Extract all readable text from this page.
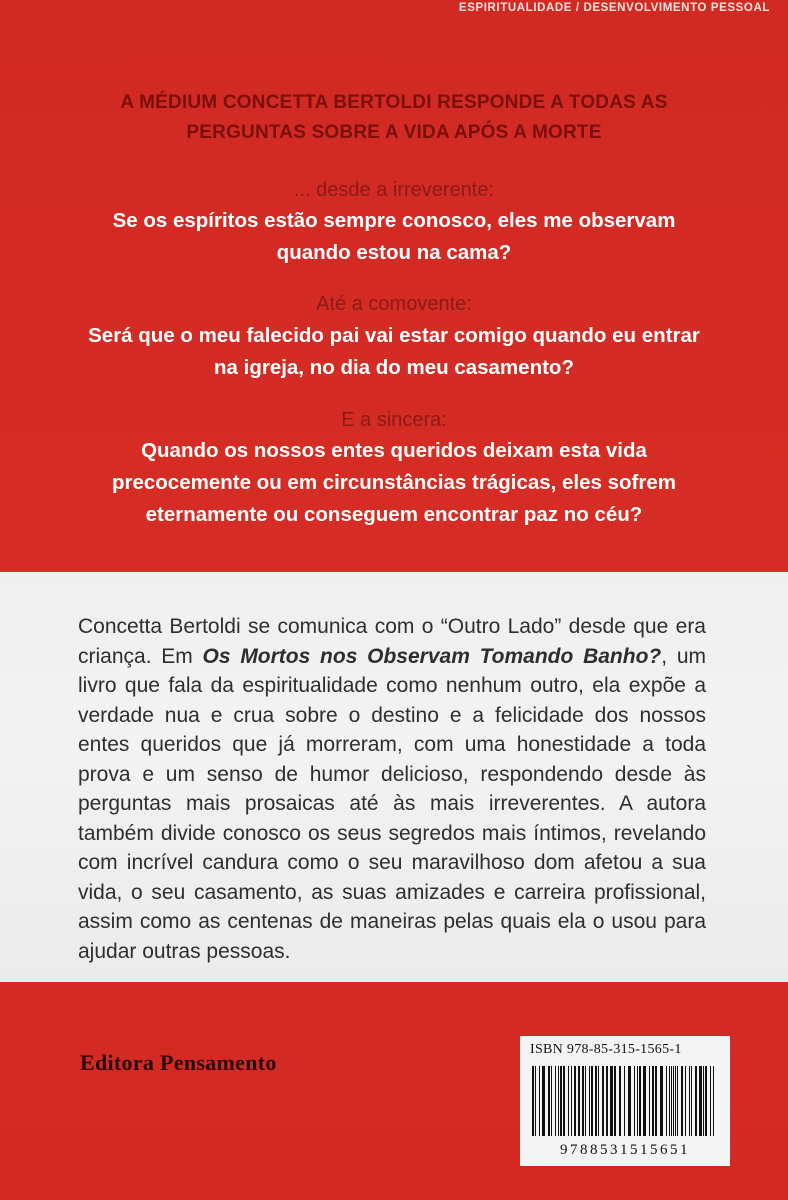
ESPIRITUALIDADE / DESENVOLVIMENTO PESSOAL
A MÉDIUM CONCETTA BERTOLDI RESPONDE A TODAS AS
PERGUNTAS SOBRE A VIDA APÓS A MORTE
... desde a irreverente:
Se os espíritos estão sempre conosco, eles me observam
quando estou na cama?
Até a comovente:
Será que o meu falecido pai vai estar comigo quando eu entrar
na igreja, no dia do meu casamento?
E a sincera:
Quando os nossos entes queridos deixam esta vida
precocemente ou em circunstâncias trágicas, eles sofrem
eternamente ou conseguem encontrar paz no céu?

Concetta Bertoldi se comunica com o “Outro Lado” desde que era criança. Em Os Mortos nos Observam Tomando Banho?, um livro que fala da espiritualidade como nenhum outro, ela expõe a verdade nua e crua sobre o destino e a felicidade dos nossos entes queridos que já morreram, com uma honestidade a toda prova e um senso de humor delicioso, respondendo desde às perguntas mais prosaicas até às mais irreverentes. A autora também divide conosco os seus segredos mais íntimos, revelando com incrível candura como o seu maravilhoso dom afetou a sua vida, o seu casamento, as suas amizades e carreira profissional, assim como as centenas de maneiras pelas quais ela o usou para ajudar outras pessoas.

Editora Pensamento
ISBN 978-85-315-1565-1
9788531515651
